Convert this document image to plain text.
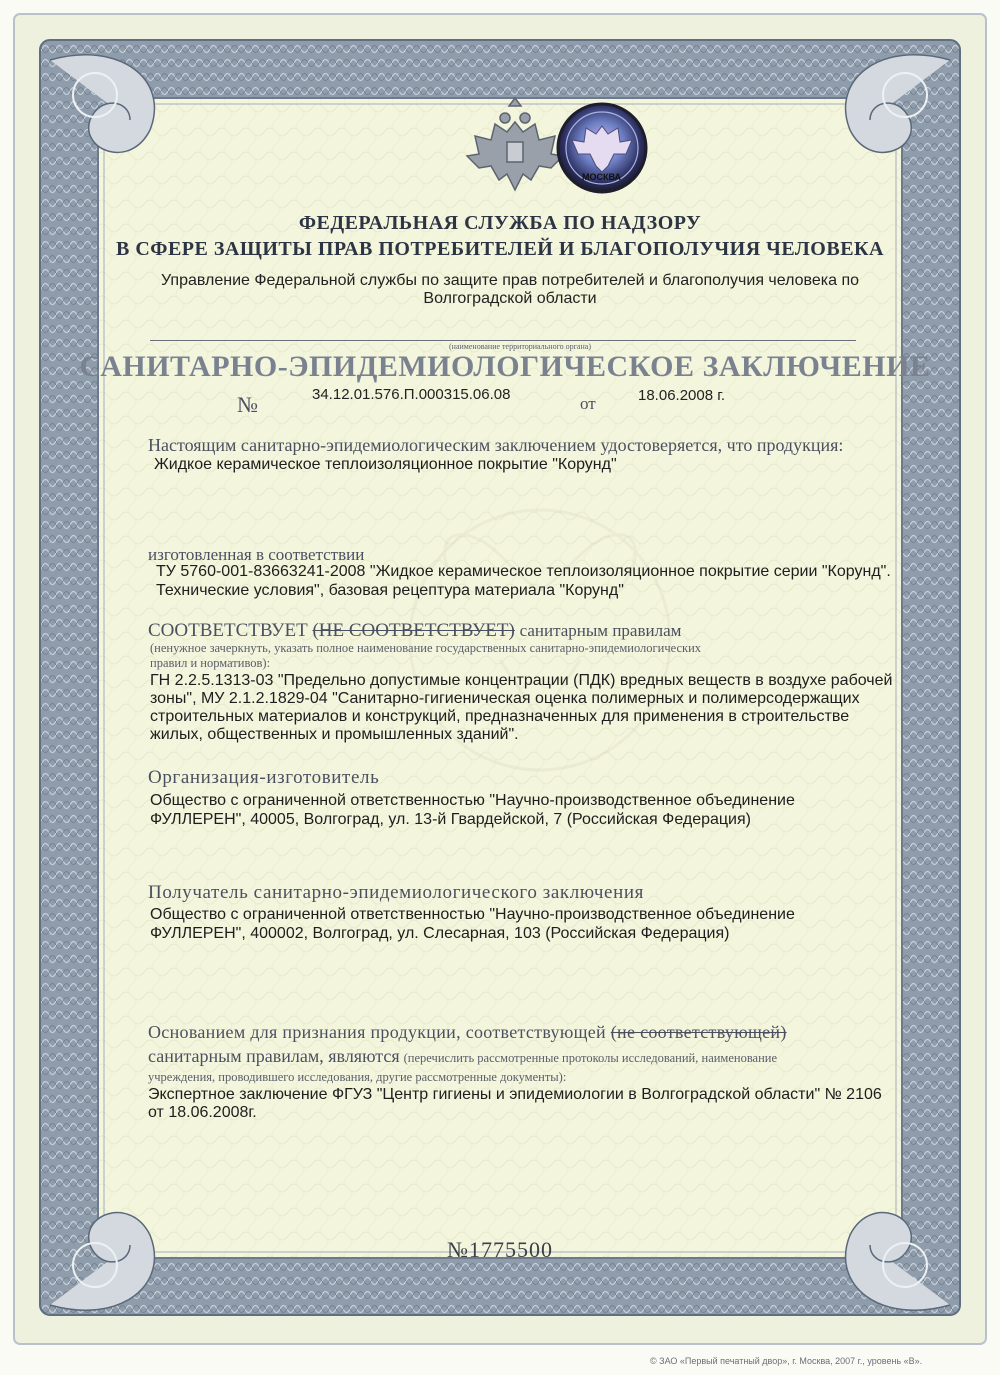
МОСКВА
ФЕДЕРАЛЬНАЯ СЛУЖБА ПО НАДЗОРУ
В СФЕРЕ ЗАЩИТЫ ПРАВ ПОТРЕБИТЕЛЕЙ И БЛАГОПОЛУЧИЯ ЧЕЛОВЕКА
Управление Федеральной службы по защите прав потребителей и благополучия человека по
Волгоградской области
(наименование территориального органа)
САНИТАРНО-ЭПИДЕМИОЛОГИЧЕСКОЕ ЗАКЛЮЧЕНИЕ
№	34.12.01.576.П.000315.06.08	от	18.06.2008 г.
Настоящим санитарно-эпидемиологическим заключением удостоверяется, что продукция:
Жидкое керамическое теплоизоляционное покрытие "Корунд"
изготовленная в соответствии
ТУ 5760-001-83663241-2008 "Жидкое керамическое теплоизоляционное покрытие серии "Корунд".
Технические условия", базовая рецептура материала "Корунд"
СООТВЕТСТВУЕТ (НЕ СООТВЕТСТВУЕТ) санитарным правилам
(ненужное зачеркнуть, указать полное наименование государственных санитарно-эпидемиологических
правил и нормативов):
ГН 2.2.5.1313-03 "Предельно допустимые концентрации (ПДК) вредных веществ в воздухе рабочей
зоны", МУ 2.1.2.1829-04 "Санитарно-гигиеническая оценка полимерных и полимерсодержащих
строительных материалов и конструкций, предназначенных для применения в строительстве
жилых, общественных и промышленных зданий".
Организация-изготовитель
Общество с ограниченной ответственностью "Научно-производственное объединение
ФУЛЛЕРЕН", 40005, Волгоград, ул. 13-й Гвардейской, 7 (Российская Федерация)
Получатель санитарно-эпидемиологического заключения
Общество с ограниченной ответственностью "Научно-производственное объединение
ФУЛЛЕРЕН", 400002, Волгоград, ул. Слесарная, 103 (Российская Федерация)
Основанием для признания продукции, соответствующей (не соответствующей)
санитарным правилам, являются (перечислить рассмотренные протоколы исследований, наименование
учреждения, проводившего исследования, другие рассмотренные документы):
Экспертное заключение ФГУЗ "Центр гигиены и эпидемиологии в Волгоградской области" № 2106
от 18.06.2008г.
№1775500
© ЗАО «Первый печатный двор», г. Москва, 2007 г., уровень «В».
